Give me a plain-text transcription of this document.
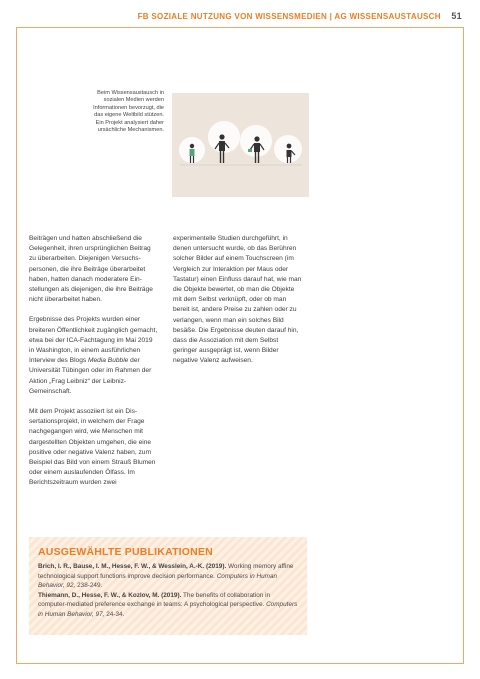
FB SOZIALE NUTZUNG VON WISSENSMEDIEN | AG WISSENSAUSTAUSCH 51
Beim Wissensaustausch in sozialen Medien werden Informationen bevorzugt, die das eigene Weltbild stützen. Ein Projekt analysiert daher ursächliche Mechanismen.

Beiträgen und hatten abschließend die Gelegenheit, ihren ursprünglichen Beitrag zu überarbeiten. Diejenigen Versuchspersonen, die ihre Beiträge überarbeitet haben, hatten danach moderatere Einstellungen als diejenigen, die ihre Beiträge nicht überarbeitet haben.

Ergebnisse des Projekts wurden einer breiteren Öffentlichkeit zugänglich gemacht, etwa bei der ICA-Fachtagung im Mai 2019 in Washington, in einem ausführlichen Interview des Blogs Media Bubble der Universität Tübingen oder im Rahmen der Aktion „Frag Leibniz“ der Leibniz-Gemeinschaft.

Mit dem Projekt assoziiert ist ein Dissertationsprojekt, in welchem der Frage nachgegangen wird, wie Menschen mit dargestellten Objekten umgehen, die eine positive oder negative Valenz haben, zum Beispiel das Bild von einem Strauß Blumen oder einem auslaufenden Ölfass. Im Berichtszeitraum wurden zwei

experimentelle Studien durchgeführt, in denen untersucht wurde, ob das Berühren solcher Bilder auf einem Touchscreen (im Vergleich zur Interaktion per Maus oder Tastatur) einen Einfluss darauf hat, wie man die Objekte bewertet, ob man die Objekte mit dem Selbst verknüpft, oder ob man bereit ist, andere Preise zu zahlen oder zu verlangen, wenn man ein solches Bild besäße. Die Ergebnisse deuten darauf hin, dass die Assoziation mit dem Selbst geringer ausgeprägt ist, wenn Bilder negative Valenz aufweisen.

AUSGEWÄHLTE PUBLIKATIONEN
Brich, I. R., Bause, I. M., Hesse, F. W., & Wesslein, A.-K. (2019). Working memory affine technological support functions improve decision performance. Computers in Human Behavior, 92, 238-249.
Thiemann, D., Hesse, F. W., & Kozlov, M. (2019). The benefits of collaboration in computer-mediated preference exchange in teams: A psychological perspective. Computers in Human Behavior, 97, 24-34.
